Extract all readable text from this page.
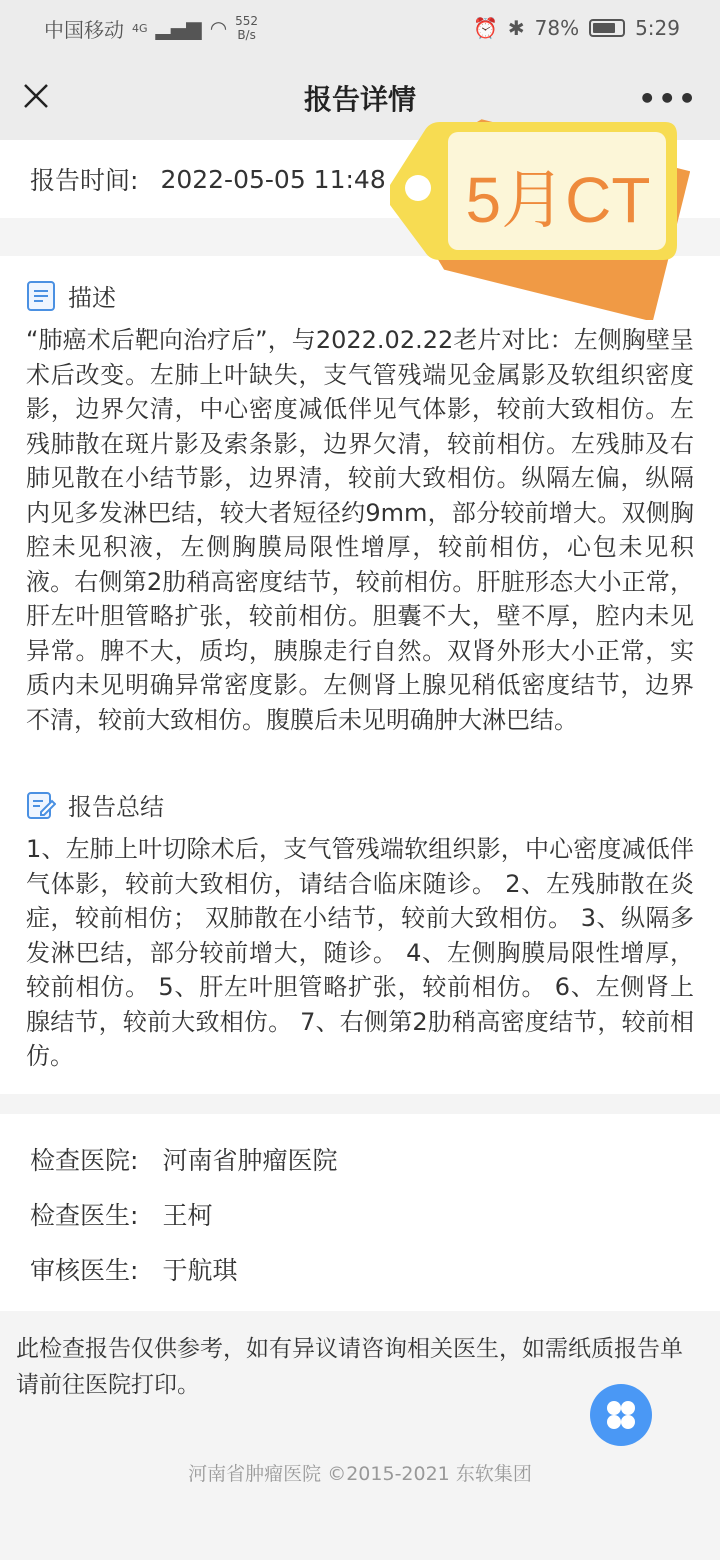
中国移动 4G ▂▄▆ ◠ 552
B/s	⏰ ✱ 78%	5:29
报告详情	•••
报告时间: 2022-05-05 11:48
描述
“肺癌术后靶向治疗后”，与2022.02.22老片对比：左侧胸壁呈术后改变。左肺上叶缺失，支气管残端见金属影及软组织密度影，边界欠清，中心密度减低伴见气体影，较前大致相仿。左残肺散在斑片影及索条影，边界欠清，较前相仿。左残肺及右肺见散在小结节影，边界清，较前大致相仿。纵隔左偏，纵隔内见多发淋巴结，较大者短径约9mm，部分较前增大。双侧胸腔未见积液，左侧胸膜局限性增厚，较前相仿，心包未见积液。右侧第2肋稍高密度结节，较前相仿。肝脏形态大小正常，肝左叶胆管略扩张，较前相仿。胆囊不大，壁不厚，腔内未见异常。脾不大，质均，胰腺走行自然。双肾外形大小正常，实质内未见明确异常密度影。左侧肾上腺见稍低密度结节，边界不清，较前大致相仿。腹膜后未见明确肿大淋巴结。
报告总结
1、左肺上叶切除术后，支气管残端软组织影，中心密度减低伴气体影，较前大致相仿，请结合临床随诊。 2、左残肺散在炎症，较前相仿； 双肺散在小结节，较前大致相仿。 3、纵隔多发淋巴结，部分较前增大，随诊。 4、左侧胸膜局限性增厚，较前相仿。 5、肝左叶胆管略扩张，较前相仿。 6、左侧肾上腺结节，较前大致相仿。 7、右侧第2肋稍高密度结节，较前相仿。
检查医院: 河南省肿瘤医院
检查医生: 王柯
审核医生: 于航琪
此检查报告仅供参考，如有异议请咨询相关医生，如需纸质报告单请前往医院打印。
河南省肿瘤医院 ©2015-2021 东软集团
5月CT
